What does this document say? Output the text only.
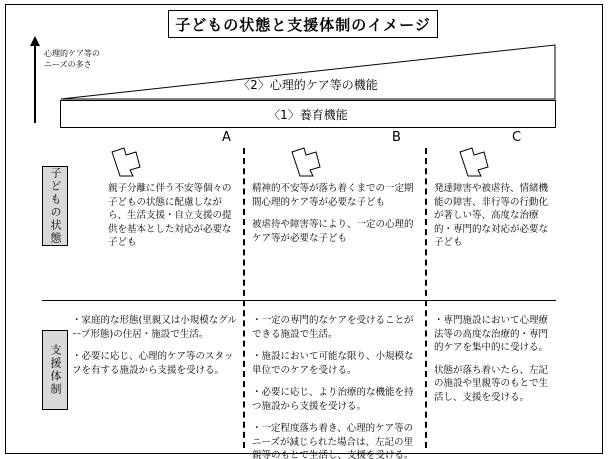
子どもの状態と支援体制のイメージ
心理的ケア等の
ニーズの多さ
〈2〉心理的ケア等の機能
〈1〉養育機能
A	B	C
子どもの状態
支援体制

親子分離に伴う不安等個々の子どもの状態に配慮しながら、生活支援・自立支援の提供を基本とした対応が必要な子ども

精神的不安等が落ち着くまでの一定期間心理的ケア等が必要な子ども

被虐待や障害等により、一定の心理的ケア等が必要な子ども

発達障害や被虐待、情緒機能の障害、非行等の行動化が著しい等、高度な治療的・専門的な対応が必要な子ども

・家庭的な形態(里親又は小規模なグループ形態)の住居・施設で生活。

・必要に応じ、心理的ケア等のスタッフを有する施設から支援を受ける。

・一定の専門的なケアを受けることができる施設で生活。

・施設において可能な限り、小規模な単位でのケアを受ける。

・必要に応じ、より治療的な機能を持つ施設から支援を受ける。

・一定程度落ち着き、心理的ケア等のニーズが減じられた場合は、左記の里親等のもとで生活し、支援を受ける。

・専門施設において心理療法等の高度な治療的・専門的ケアを集中的に受ける。

状態が落ち着いたら、左記の施設や里親等のもとで生活し、支援を受ける。
